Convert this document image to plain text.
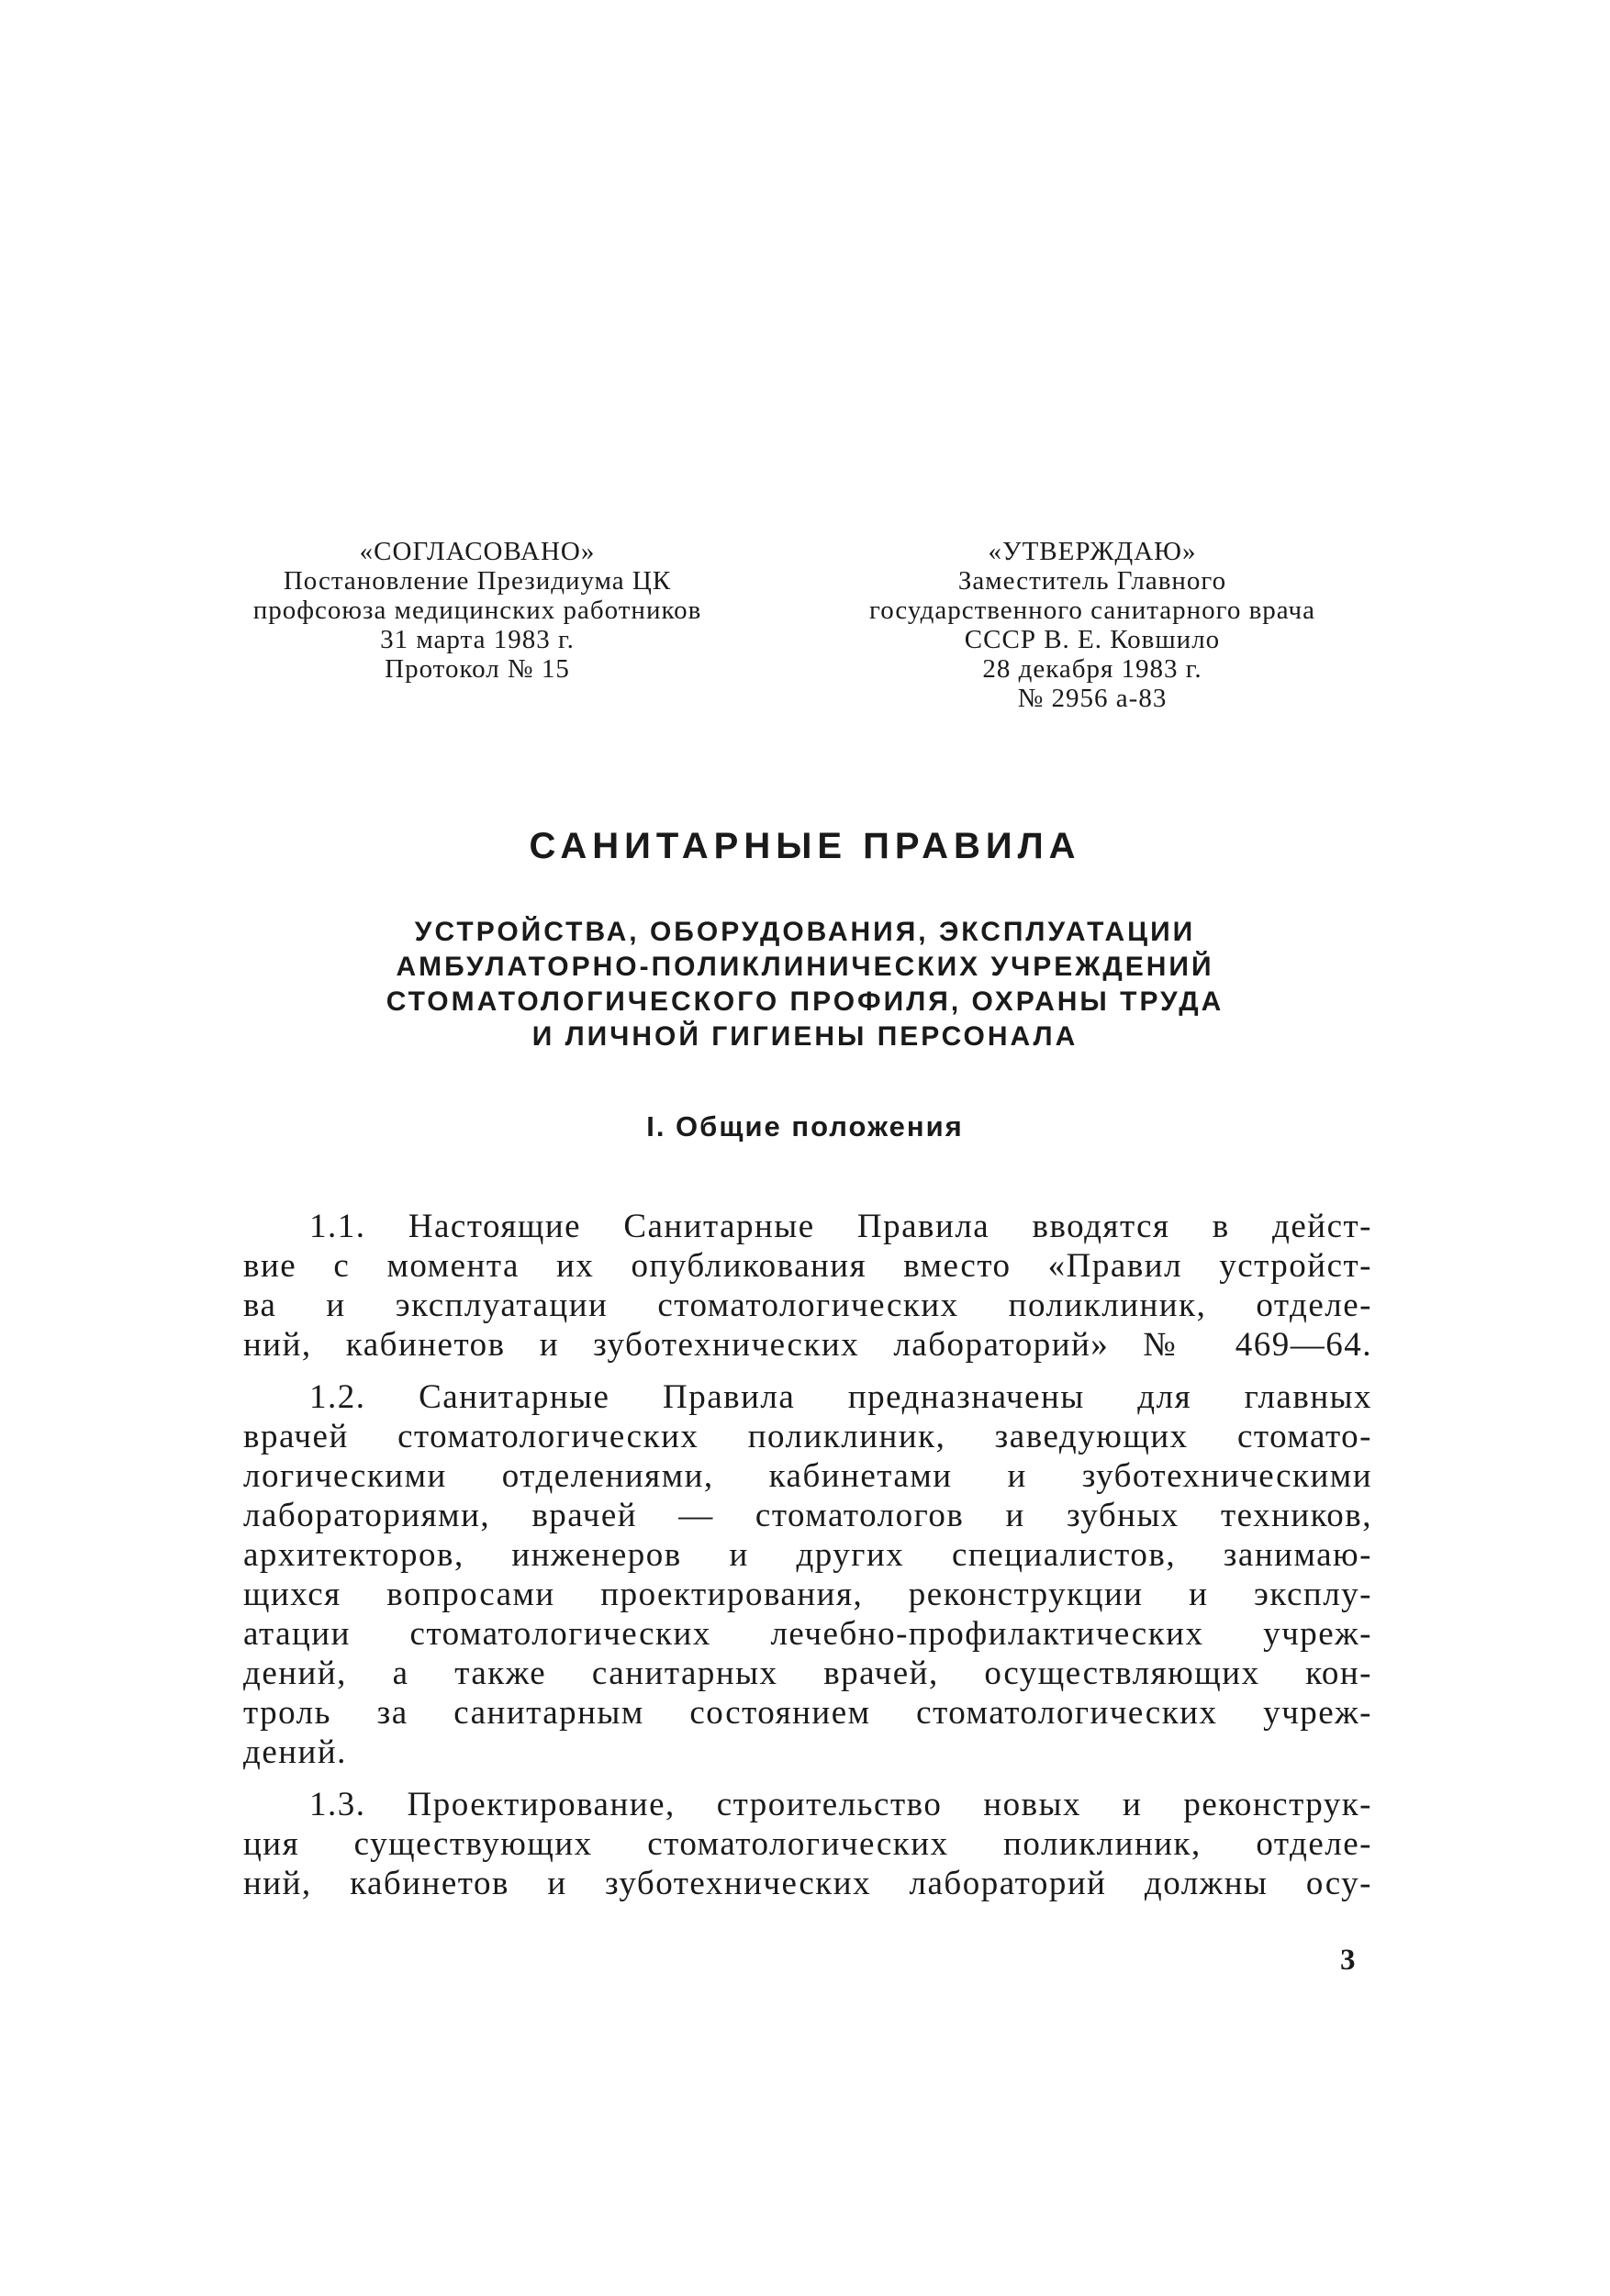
«СОГЛАСОВАНО»
Постановление Президиума ЦК
профсоюза медицинских работников
31 марта 1983 г.
Протокол № 15
«УТВЕРЖДАЮ»
Заместитель Главного
государственного санитарного врача
СССР В. Е. Ковшило
28 декабря 1983 г.
№ 2956 а-83
САНИТАРНЫЕ ПРАВИЛА
УСТРОЙСТВА, ОБОРУДОВАНИЯ, ЭКСПЛУАТАЦИИ
АМБУЛАТОРНО-ПОЛИКЛИНИЧЕСКИХ УЧРЕЖДЕНИЙ
СТОМАТОЛОГИЧЕСКОГО ПРОФИЛЯ, ОХРАНЫ ТРУДА
И ЛИЧНОЙ ГИГИЕНЫ ПЕРСОНАЛА
I. Общие положения
1.1. Настоящие Санитарные Правила вводятся в дейст-
вие с момента их опубликования вместо «Правил устройст-
ва и эксплуатации стоматологических поликлиник, отделе-
ний, кабинетов и зуботехнических лабораторий» № 469—64.
1.2. Санитарные Правила предназначены для главных
врачей стоматологических поликлиник, заведующих стомато-
логическими отделениями, кабинетами и зуботехническими
лабораториями, врачей — стоматологов и зубных техников,
архитекторов, инженеров и других специалистов, занимаю-
щихся вопросами проектирования, реконструкции и эксплу-
атации стоматологических лечебно-профилактических учреж-
дений, а также санитарных врачей, осуществляющих кон-
троль за санитарным состоянием стоматологических учреж-
дений.
1.3. Проектирование, строительство новых и реконструк-
ция существующих стоматологических поликлиник, отделе-
ний, кабинетов и зуботехнических лабораторий должны осу-
3
